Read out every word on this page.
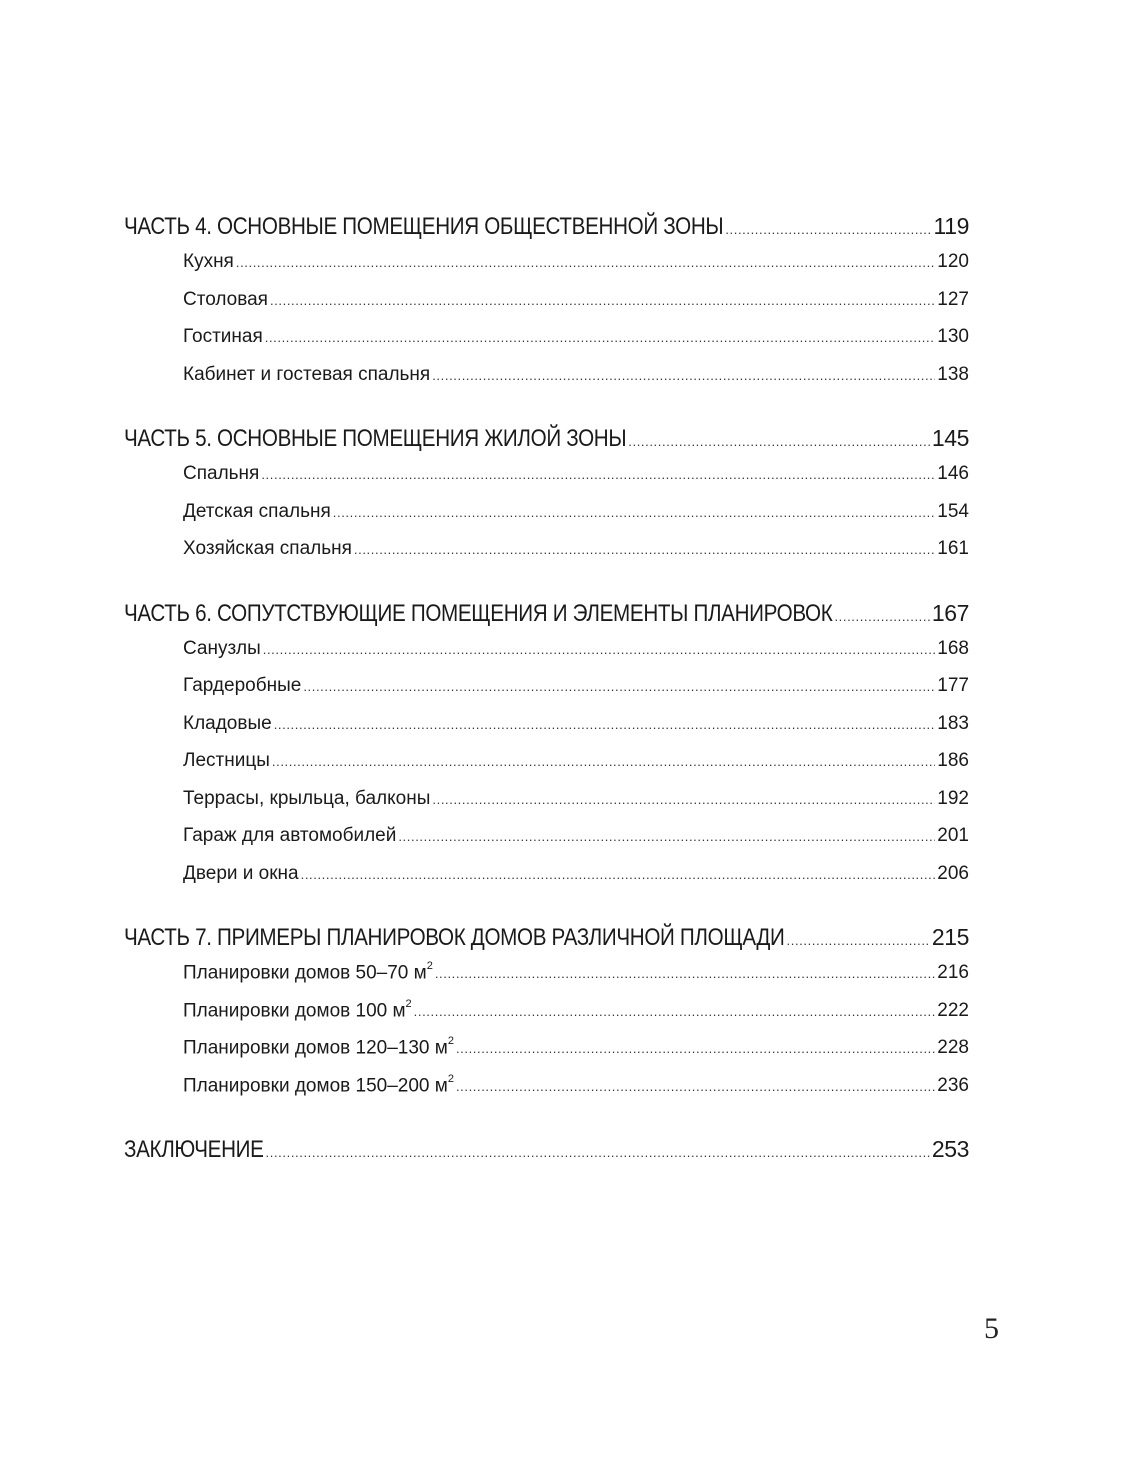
ЧАСТЬ 4. ОСНОВНЫЕ ПОМЕЩЕНИЯ ОБЩЕСТВЕННОЙ ЗОНЫ .....	119
Кухня .....	120
Столовая .....	127
Гостиная .....	130
Кабинет и гостевая спальня .....	138
ЧАСТЬ 5. ОСНОВНЫЕ ПОМЕЩЕНИЯ ЖИЛОЙ ЗОНЫ .....	145
Спальня .....	146
Детская спальня .....	154
Хозяйская спальня .....	161
ЧАСТЬ 6. СОПУТСТВУЮЩИЕ ПОМЕЩЕНИЯ И ЭЛЕМЕНТЫ ПЛАНИРОВОК .....	167
Санузлы .....	168
Гардеробные .....	177
Кладовые .....	183
Лестницы .....	186
Террасы, крыльца, балконы .....	192
Гараж для автомобилей .....	201
Двери и окна .....	206
ЧАСТЬ 7. ПРИМЕРЫ ПЛАНИРОВОК ДОМОВ РАЗЛИЧНОЙ ПЛОЩАДИ .....	215
Планировки домов 50–70 $м^2$ .....	216
Планировки домов 100 $м^2$ .....	222
Планировки домов 120–130 $м^2$ .....	228
Планировки домов 150–200 $м^2$ .....	236
ЗАКЛЮЧЕНИЕ .....	253
5
